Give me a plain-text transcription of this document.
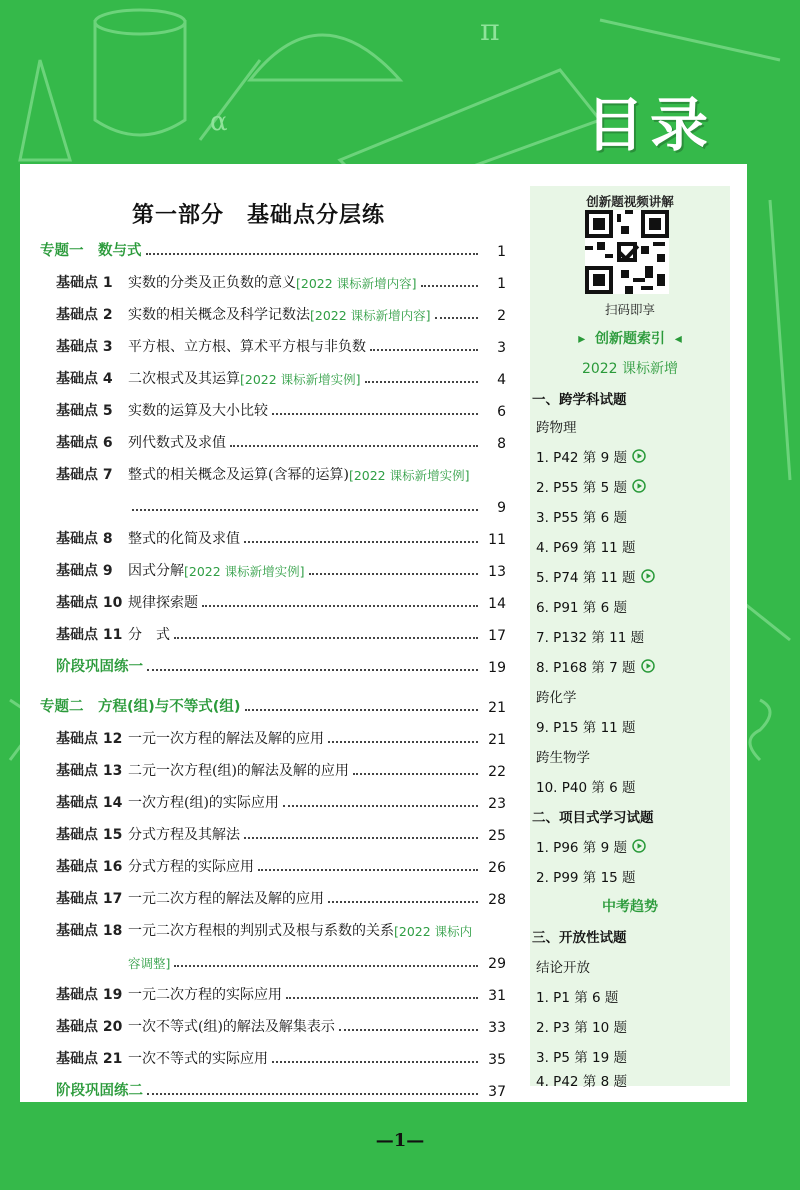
π
α	目录
第一部分　基础点分层练
专题一　数与式	1
基础点 1	实数的分类及正负数的意义 [2022 课标新增内容]	1
基础点 2	实数的相关概念及科学记数法 [2022 课标新增内容]	2
基础点 3	平方根、立方根、算术平方根与非负数	3
基础点 4	二次根式及其运算 [2022 课标新增实例]	4
基础点 5	实数的运算及大小比较	6
基础点 6	列代数式及求值	8
基础点 7	整式的相关概念及运算(含幂的运算) [2022 课标新增实例]
9
基础点 8	整式的化简及求值	11
基础点 9	因式分解 [2022 课标新增实例]	13
基础点 10 规律探索题	14
基础点 11 分　式	17
阶段巩固练一	19
专题二　方程(组)与不等式(组)	21
基础点 12 一元一次方程的解法及解的应用	21
基础点 13 二元一次方程(组)的解法及解的应用	22
基础点 14 一次方程(组)的实际应用	23
基础点 15 分式方程及其解法	25
基础点 16 分式方程的实际应用	26
基础点 17 一元二次方程的解法及解的应用	28
基础点 18 一元二次方程根的判别式及根与系数的关系 [2022 课标内
容调整]	29
基础点 19 一元二次方程的实际应用	31
基础点 20 一次不等式(组)的解法及解集表示	33
基础点 21 一次不等式的实际应用	35
阶段巩固练二	37
创新题视频讲解
扫码即享
▸  创新题索引  ◂
2022 课标新增
一、跨学科试题
跨物理
1. P42 第 9 题
2. P55 第 5 题
3. P55 第 6 题
4. P69 第 11 题
5. P74 第 11 题
6. P91 第 6 题
7. P132 第 11 题
8. P168 第 7 题
跨化学
9. P15 第 11 题
跨生物学
10. P40 第 6 题
二、项目式学习试题
1. P96 第 9 题
2. P99 第 15 题
中考趋势
三、开放性试题
结论开放
1. P1 第 6 题
2. P3 第 10 题
3. P5 第 19 题
4. P42 第 8 题
—1—
